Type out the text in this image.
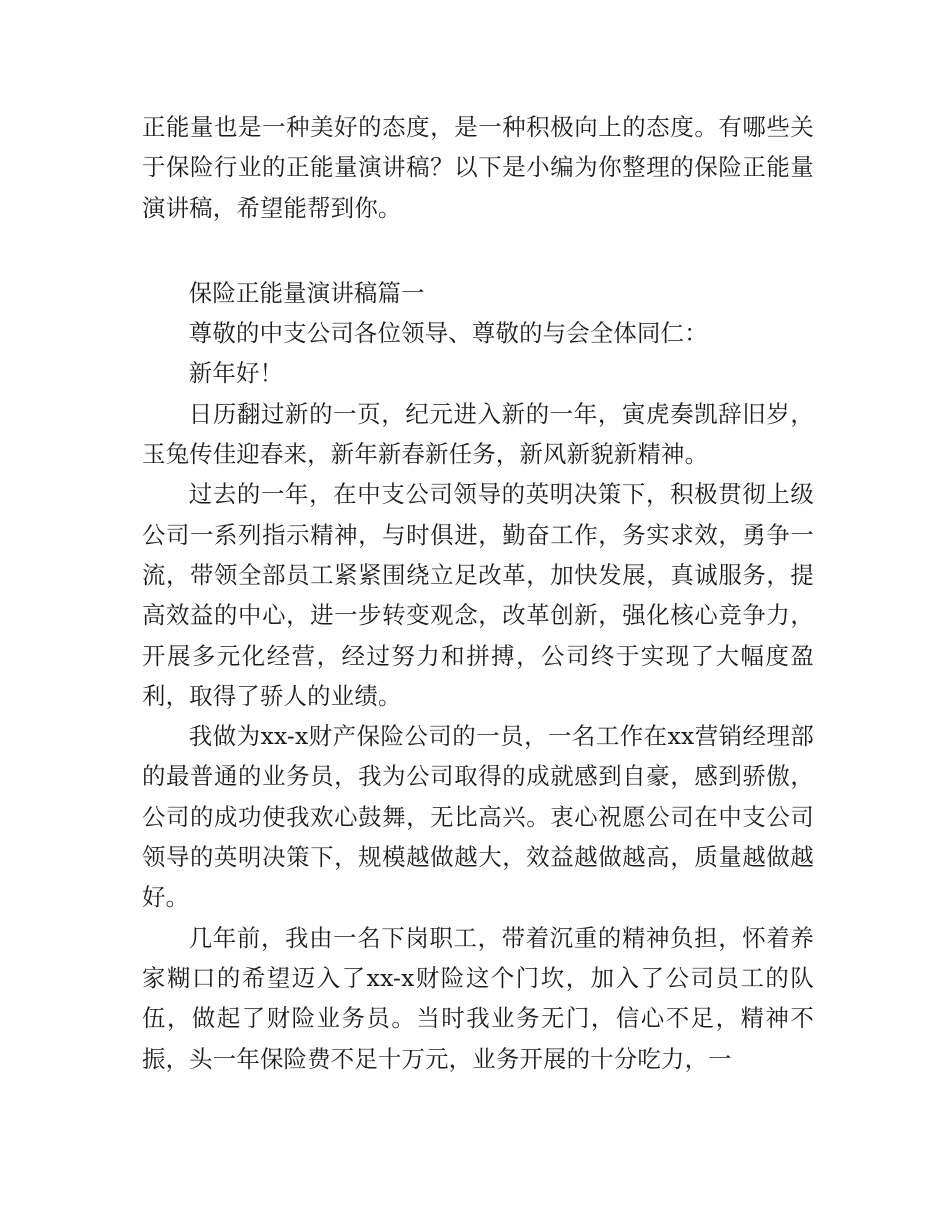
正能量也是一种美好的态度，是一种积极向上的态度。有哪些关于保险行业的正能量演讲稿？以下是小编为你整理的保险正能量演讲稿，希望能帮到你。

保险正能量演讲稿篇一

尊敬的中支公司各位领导、尊敬的与会全体同仁：

新年好！

日历翻过新的一页，纪元进入新的一年，寅虎奏凯辞旧岁，玉兔传佳迎春来，新年新春新任务，新风新貌新精神。

过去的一年，在中支公司领导的英明决策下，积极贯彻上级公司一系列指示精神，与时俱进，勤奋工作，务实求效，勇争一流，带领全部员工紧紧围绕立足改革，加快发展，真诚服务，提高效益的中心，进一步转变观念，改革创新，强化核心竞争力，开展多元化经营，经过努力和拼搏，公司终于实现了大幅度盈利，取得了骄人的业绩。

我做为xx-x财产保险公司的一员，一名工作在xx营销经理部的最普通的业务员，我为公司取得的成就感到自豪，感到骄傲，公司的成功使我欢心鼓舞，无比高兴。衷心祝愿公司在中支公司领导的英明决策下，规模越做越大，效益越做越高，质量越做越好。

几年前，我由一名下岗职工，带着沉重的精神负担，怀着养家糊口的希望迈入了xx-x财险这个门坎，加入了公司员工的队伍，做起了财险业务员。当时我业务无门，信心不足，精神不振，头一年保险费不足十万元，业务开展的十分吃力，一
